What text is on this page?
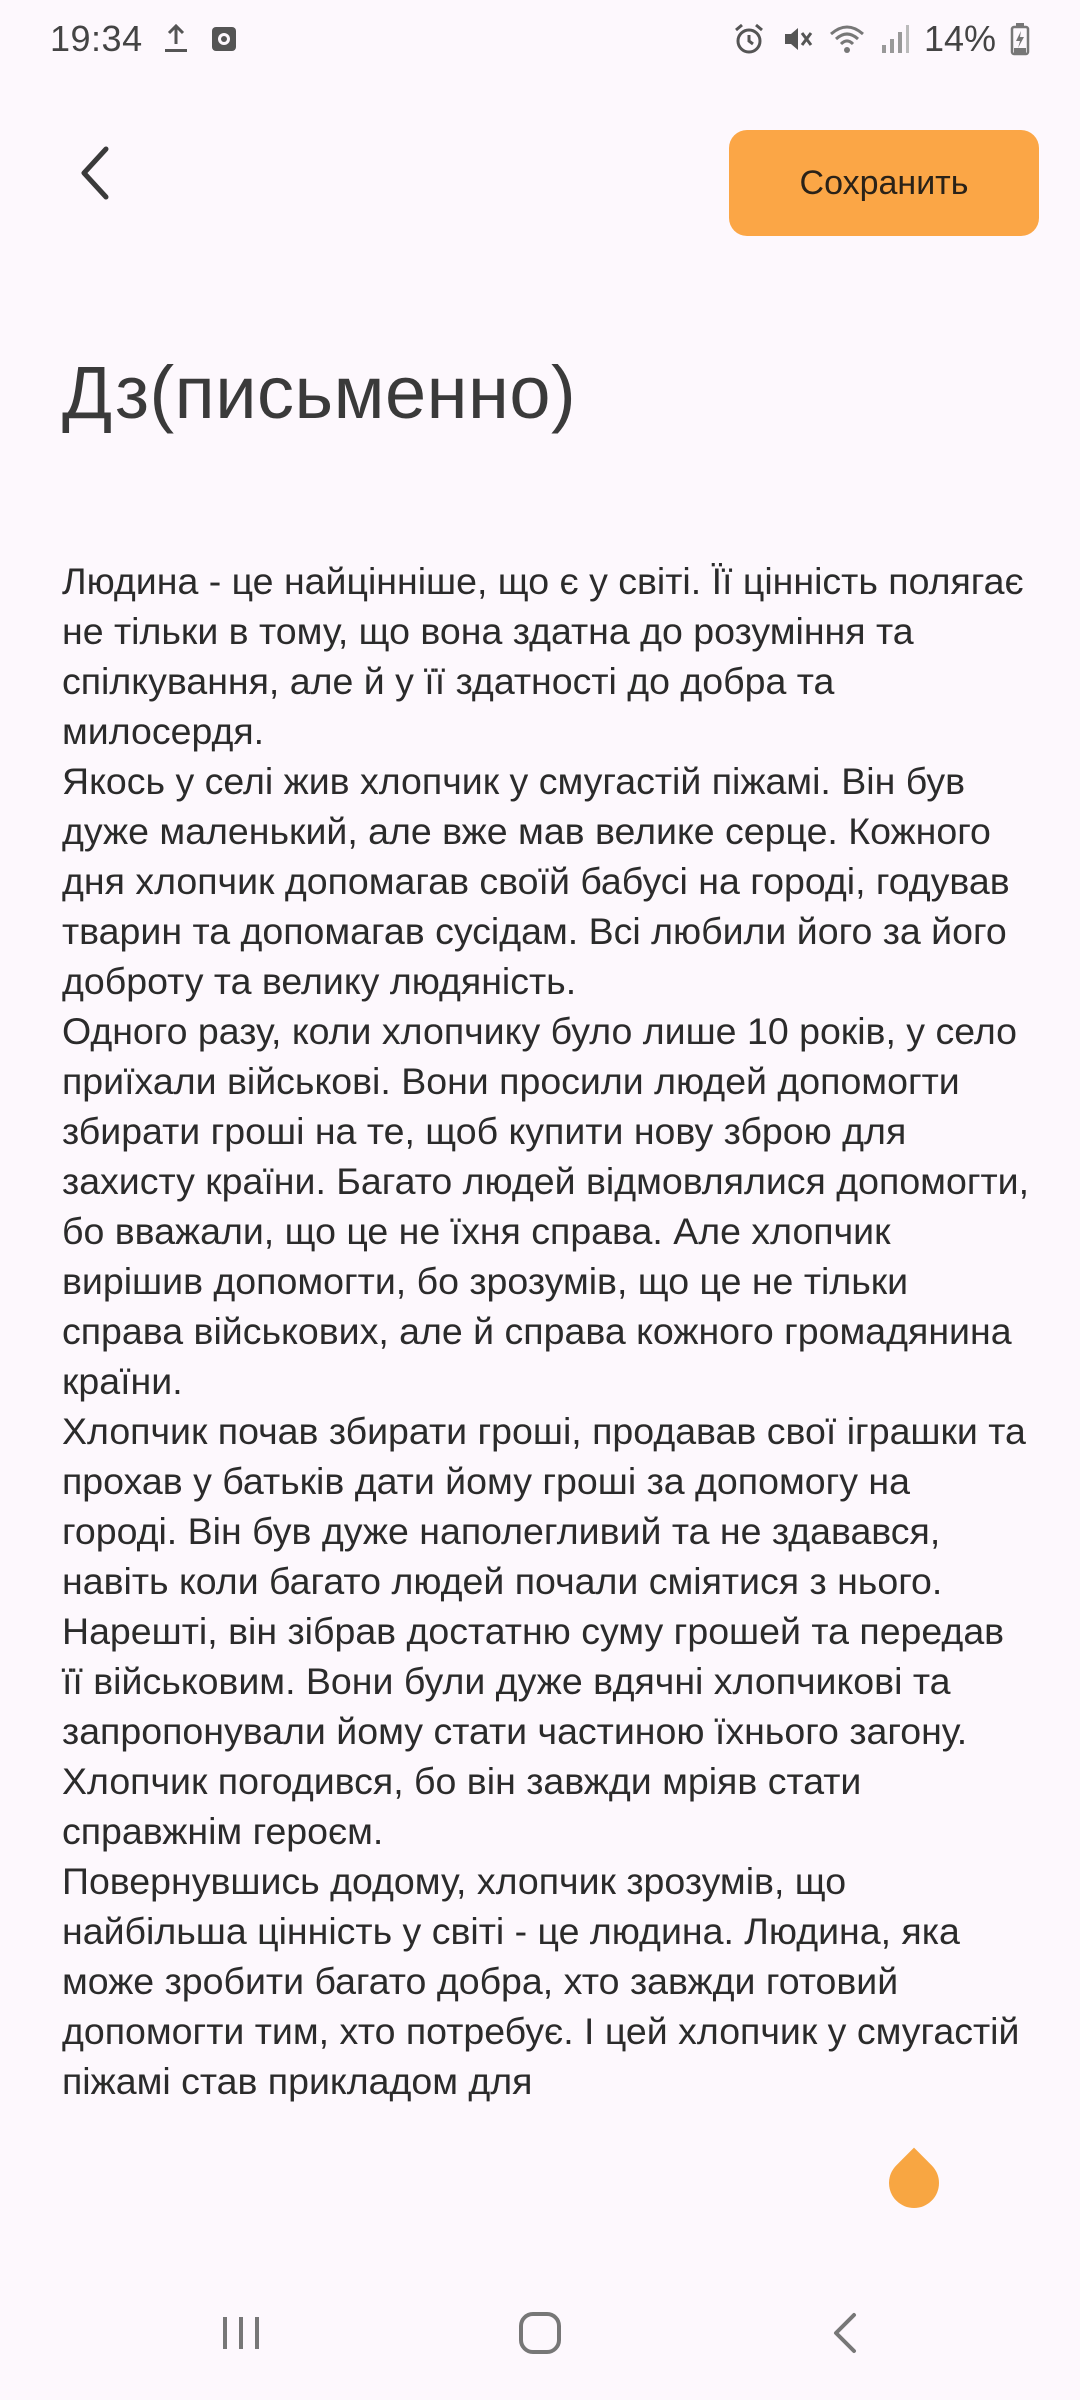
19:34	14%
Сохранить
Дз(письменно)
Людина - це найцінніше, що є у світі. Її цінність полягає не тільки в тому, що вона здатна до розуміння та спілкування, але й у її здатності до добра та милосердя.
Якось у селі жив хлопчик у смугастій піжамі. Він був дуже маленький, але вже мав велике серце. Кожного дня хлопчик допомагав своїй бабусі на городі, годував тварин та допомагав сусідам. Всі любили його за його доброту та велику людяність.
Одного разу, коли хлопчику було лише 10 років, у село приїхали військові. Вони просили людей допомогти збирати гроші на те, щоб купити нову зброю для захисту країни. Багато людей відмовлялися допомогти, бо вважали, що це не їхня справа. Але хлопчик вирішив допомогти, бо зрозумів, що це не тільки справа військових, але й справа кожного громадянина країни.
Хлопчик почав збирати гроші, продавав свої іграшки та прохав у батьків дати йому гроші за допомогу на городі. Він був дуже наполегливий та не здавався, навіть коли багато людей почали сміятися з нього. Нарешті, він зібрав достатню суму грошей та передав її військовим. Вони були дуже вдячні хлопчикові та запропонували йому стати частиною їхнього загону. Хлопчик погодився, бо він завжди мріяв стати справжнім героєм.
Повернувшись додому, хлопчик зрозумів, що найбільша цінність у світі - це людина. Людина, яка може зробити багато добра, хто завжди готовий допомогти тим, хто потребує. І цей хлопчик у смугастій піжамі став прикладом для
